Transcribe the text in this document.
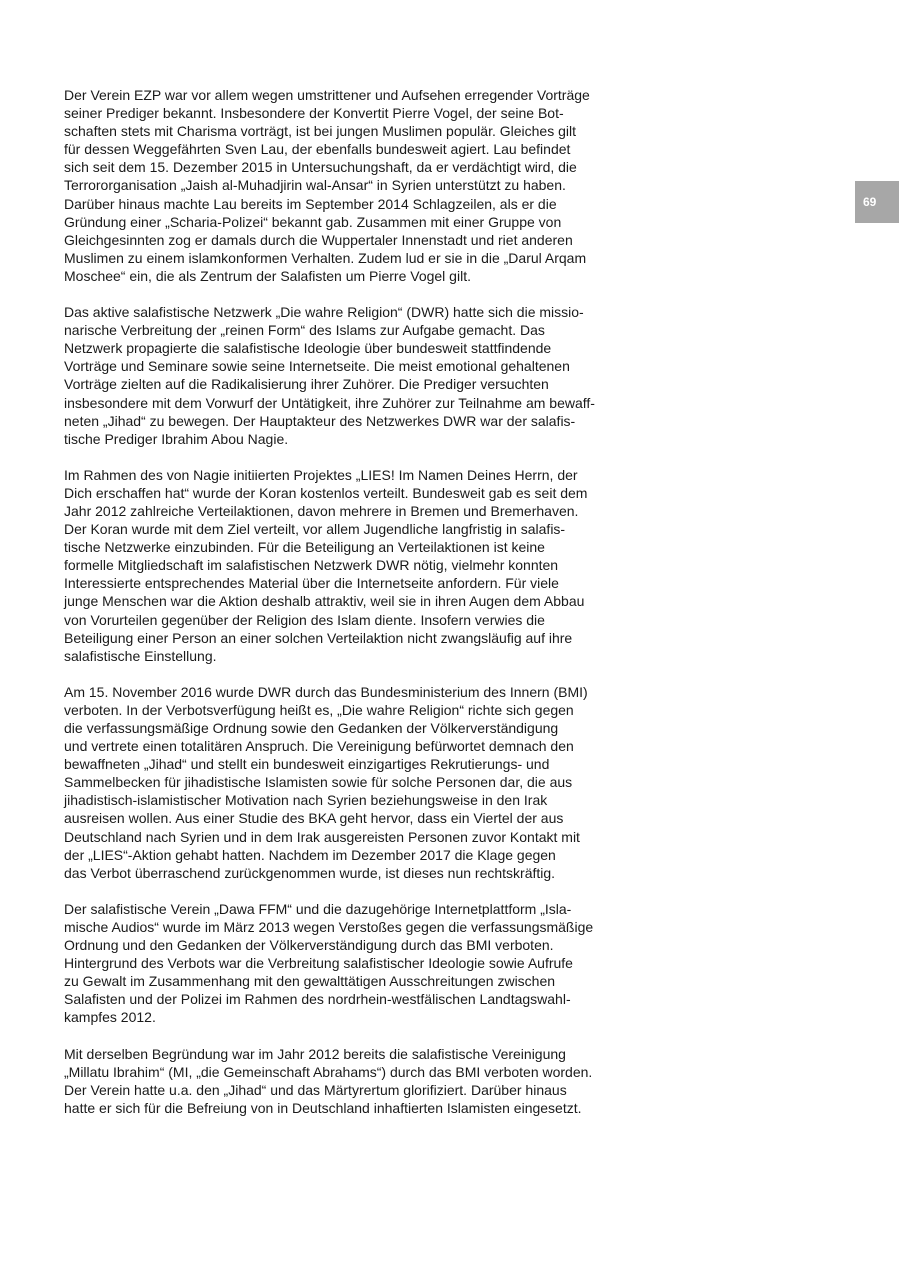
Der Verein EZP war vor allem wegen umstrittener und Aufsehen erregender Vorträge
seiner Prediger bekannt. Insbesondere der Konvertit Pierre Vogel, der seine Bot-
schaften stets mit Charisma vorträgt, ist bei jungen Muslimen populär. Gleiches gilt
für dessen Weggefährten Sven Lau, der ebenfalls bundesweit agiert. Lau befindet
sich seit dem 15. Dezember 2015 in Untersuchungshaft, da er verdächtigt wird, die
Terrororganisation „Jaish al-Muhadjirin wal-Ansar“ in Syrien unterstützt zu haben.
Darüber hinaus machte Lau bereits im September 2014 Schlagzeilen, als er die
Gründung einer „Scharia-Polizei“ bekannt gab. Zusammen mit einer Gruppe von
Gleichgesinnten zog er damals durch die Wuppertaler Innenstadt und riet anderen
Muslimen zu einem islamkonformen Verhalten. Zudem lud er sie in die „Darul Arqam
Moschee“ ein, die als Zentrum der Salafisten um Pierre Vogel gilt.

Das aktive salafistische Netzwerk „Die wahre Religion“ (DWR) hatte sich die missio-
narische Verbreitung der „reinen Form“ des Islams zur Aufgabe gemacht. Das
Netzwerk propagierte die salafistische Ideologie über bundesweit stattfindende
Vorträge und Seminare sowie seine Internetseite. Die meist emotional gehaltenen
Vorträge zielten auf die Radikalisierung ihrer Zuhörer. Die Prediger versuchten
insbesondere mit dem Vorwurf der Untätigkeit, ihre Zuhörer zur Teilnahme am bewaff-
neten „Jihad“ zu bewegen. Der Hauptakteur des Netzwerkes DWR war der salafis-
tische Prediger Ibrahim Abou Nagie.

Im Rahmen des von Nagie initiierten Projektes „LIES! Im Namen Deines Herrn, der
Dich erschaffen hat“ wurde der Koran kostenlos verteilt. Bundesweit gab es seit dem
Jahr 2012 zahlreiche Verteilaktionen, davon mehrere in Bremen und Bremerhaven.
Der Koran wurde mit dem Ziel verteilt, vor allem Jugendliche langfristig in salafis-
tische Netzwerke einzubinden. Für die Beteiligung an Verteilaktionen ist keine
formelle Mitgliedschaft im salafistischen Netzwerk DWR nötig, vielmehr konnten
Interessierte entsprechendes Material über die Internetseite anfordern. Für viele
junge Menschen war die Aktion deshalb attraktiv, weil sie in ihren Augen dem Abbau
von Vorurteilen gegenüber der Religion des Islam diente. Insofern verwies die
Beteiligung einer Person an einer solchen Verteilaktion nicht zwangsläufig auf ihre
salafistische Einstellung.

Am 15. November 2016 wurde DWR durch das Bundesministerium des Innern (BMI)
verboten. In der Verbotsverfügung heißt es, „Die wahre Religion“ richte sich gegen
die verfassungsmäßige Ordnung sowie den Gedanken der Völkerverständigung
und vertrete einen totalitären Anspruch. Die Vereinigung befürwortet demnach den
bewaffneten „Jihad“ und stellt ein bundesweit einzigartiges Rekrutierungs- und
Sammelbecken für jihadistische Islamisten sowie für solche Personen dar, die aus
jihadistisch-islamistischer Motivation nach Syrien beziehungsweise in den Irak
ausreisen wollen. Aus einer Studie des BKA geht hervor, dass ein Viertel der aus
Deutschland nach Syrien und in dem Irak ausgereisten Personen zuvor Kontakt mit
der „LIES“-Aktion gehabt hatten. Nachdem im Dezember 2017 die Klage gegen
das Verbot überraschend zurückgenommen wurde, ist dieses nun rechtskräftig.

Der salafistische Verein „Dawa FFM“ und die dazugehörige Internetplattform „Isla-
mische Audios“ wurde im März 2013 wegen Verstoßes gegen die verfassungsmäßige
Ordnung und den Gedanken der Völkerverständigung durch das BMI verboten.
Hintergrund des Verbots war die Verbreitung salafistischer Ideologie sowie Aufrufe
zu Gewalt im Zusammenhang mit den gewalttätigen Ausschreitungen zwischen
Salafisten und der Polizei im Rahmen des nordrhein-westfälischen Landtagswahl-
kampfes 2012.

Mit derselben Begründung war im Jahr 2012 bereits die salafistische Vereinigung
„Millatu Ibrahim“ (MI, „die Gemeinschaft Abrahams“) durch das BMI verboten worden.
Der Verein hatte u.a. den „Jihad“ und das Märtyrertum glorifiziert. Darüber hinaus
hatte er sich für die Befreiung von in Deutschland inhaftierten Islamisten eingesetzt.

69
